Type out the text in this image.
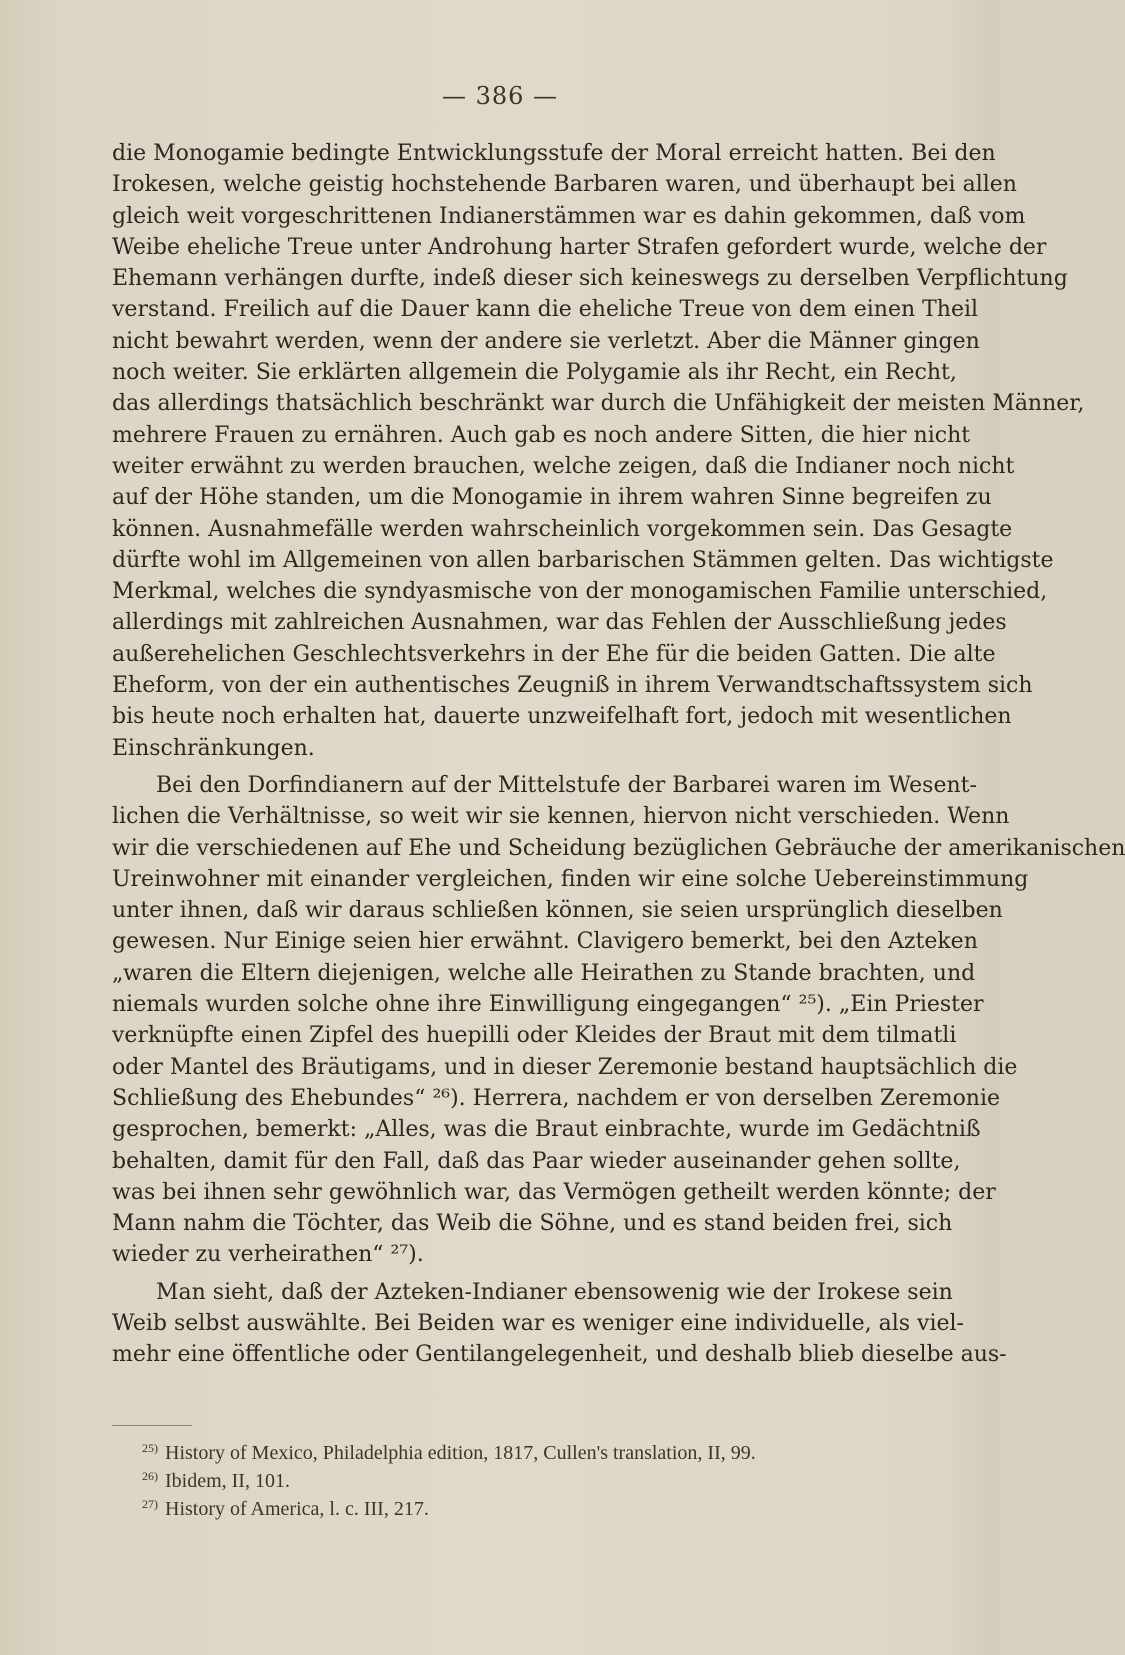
— 386 —
die Monogamie bedingte Entwicklungsstufe der Moral erreicht hatten. Bei den
Irokesen, welche geistig hochstehende Barbaren waren, und überhaupt bei allen
gleich weit vorgeschrittenen Indianerstämmen war es dahin gekommen, daß vom
Weibe eheliche Treue unter Androhung harter Strafen gefordert wurde, welche der
Ehemann verhängen durfte, indeß dieser sich keineswegs zu derselben Verpflichtung
verstand. Freilich auf die Dauer kann die eheliche Treue von dem einen Theil
nicht bewahrt werden, wenn der andere sie verletzt. Aber die Männer gingen
noch weiter. Sie erklärten allgemein die Polygamie als ihr Recht, ein Recht,
das allerdings thatsächlich beschränkt war durch die Unfähigkeit der meisten Männer,
mehrere Frauen zu ernähren. Auch gab es noch andere Sitten, die hier nicht
weiter erwähnt zu werden brauchen, welche zeigen, daß die Indianer noch nicht
auf der Höhe standen, um die Monogamie in ihrem wahren Sinne begreifen zu
können. Ausnahmefälle werden wahrscheinlich vorgekommen sein. Das Gesagte
dürfte wohl im Allgemeinen von allen barbarischen Stämmen gelten. Das wichtigste
Merkmal, welches die syndyasmische von der monogamischen Familie unterschied,
allerdings mit zahlreichen Ausnahmen, war das Fehlen der Ausschließung jedes
außerehelichen Geschlechtsverkehrs in der Ehe für die beiden Gatten. Die alte
Eheform, von der ein authentisches Zeugniß in ihrem Verwandtschaftssystem sich
bis heute noch erhalten hat, dauerte unzweifelhaft fort, jedoch mit wesentlichen
Einschränkungen.
Bei den Dorfindianern auf der Mittelstufe der Barbarei waren im Wesent-
lichen die Verhältnisse, so weit wir sie kennen, hiervon nicht verschieden. Wenn
wir die verschiedenen auf Ehe und Scheidung bezüglichen Gebräuche der amerikanischen
Ureinwohner mit einander vergleichen, finden wir eine solche Uebereinstimmung
unter ihnen, daß wir daraus schließen können, sie seien ursprünglich dieselben
gewesen. Nur Einige seien hier erwähnt. Clavigero bemerkt, bei den Azteken
„waren die Eltern diejenigen, welche alle Heirathen zu Stande brachten, und
niemals wurden solche ohne ihre Einwilligung eingegangen“ ²⁵). „Ein Priester
verknüpfte einen Zipfel des huepilli oder Kleides der Braut mit dem tilmatli
oder Mantel des Bräutigams, und in dieser Zeremonie bestand hauptsächlich die
Schließung des Ehebundes“ ²⁶). Herrera, nachdem er von derselben Zeremonie
gesprochen, bemerkt: „Alles, was die Braut einbrachte, wurde im Gedächtniß
behalten, damit für den Fall, daß das Paar wieder auseinander gehen sollte,
was bei ihnen sehr gewöhnlich war, das Vermögen getheilt werden könnte; der
Mann nahm die Töchter, das Weib die Söhne, und es stand beiden frei, sich
wieder zu verheirathen“ ²⁷).
Man sieht, daß der Azteken-Indianer ebensowenig wie der Irokese sein
Weib selbst auswählte. Bei Beiden war es weniger eine individuelle, als viel-
mehr eine öffentliche oder Gentilangelegenheit, und deshalb blieb dieselbe aus-
$^{25)}$ History of Mexico, Philadelphia edition, 1817, Cullen's translation, II, 99.
$^{26)}$ Ibidem, II, 101.
$^{27)}$ History of America, l. c. III, 217.
